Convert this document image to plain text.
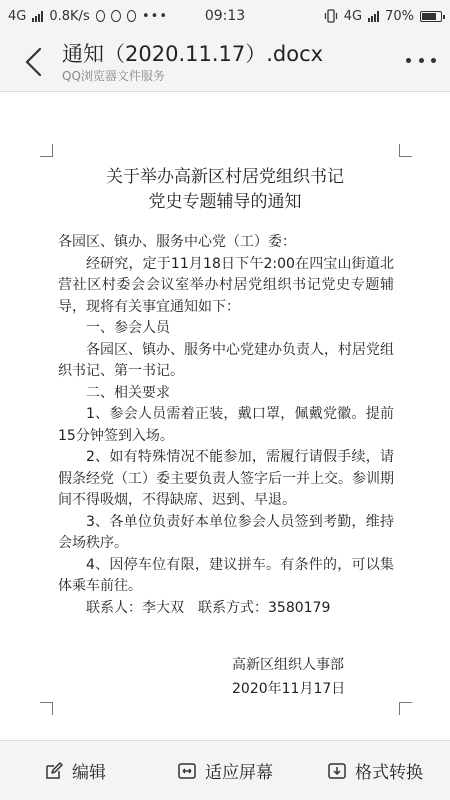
4G 0.8K/s	•••	09:13	4G 70%
通知（2020.11.17）.docx
QQ浏览器文件服务
关于举办高新区村居党组织书记
党史专题辅导的通知

各园区、镇办、服务中心党（工）委：

经研究，定于11月18日下午2:00在四宝山街道北营社区村委会会议室举办村居党组织书记党史专题辅导，现将有关事宜通知如下：

一、参会人员

各园区、镇办、服务中心党建办负责人，村居党组织书记、第一书记。

二、相关要求

1、参会人员需着正装，戴口罩，佩戴党徽。提前15分钟签到入场。

2、如有特殊情况不能参加，需履行请假手续，请假条经党（工）委主要负责人签字后一并上交。参训期间不得吸烟，不得缺席、迟到、早退。

3、各单位负责好本单位参会人员签到考勤，维持会场秩序。

4、因停车位有限，建议拼车。有条件的，可以集体乘车前往。

联系人：李大双　联系方式：3580179

高新区组织人事部
2020年11月17日
编辑	适应屏幕	格式转换
